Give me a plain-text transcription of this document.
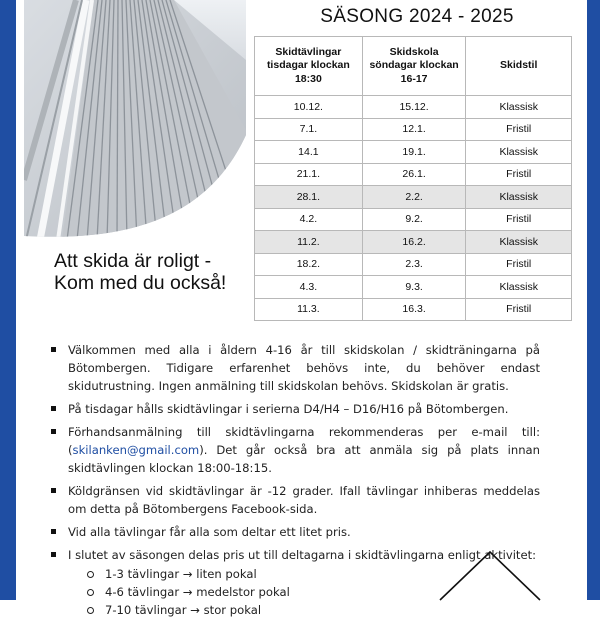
SÄSONG 2024 - 2025
Skidtävlingar tisdagar klockan 18:30	Skidskola söndagar klockan 16-17	Skidstil
10.12.	15.12.	Klassisk
7.1.	12.1.	Fristil
14.1	19.1.	Klassisk
21.1.	26.1.	Fristil
28.1.	2.2.	Klassisk
4.2.	9.2.	Fristil
11.2.	16.2.	Klassisk
18.2.	2.3.	Fristil
4.3.	9.3.	Klassisk
11.3.	16.3.	Fristil
Att skida är roligt - Kom med du också!
Välkommen med alla i åldern 4-16 år till skidskolan / skidträningarna på Bötombergen. Tidigare erfarenhet behövs inte, du behöver endast skidutrustning. Ingen anmälning till skidskolan behövs. Skidskolan är gratis.
På tisdagar hålls skidtävlingar i serierna D4/H4 – D16/H16 på Bötombergen.
Förhandsanmälning till skidtävlingarna rekommenderas per e-mail till: (skilanken@gmail.com). Det går också bra att anmäla sig på plats innan skidtävlingen klockan 18:00-18:15.
Köldgränsen vid skidtävlingar är -12 grader. Ifall tävlingar inhiberas meddelas om detta på Bötombergens Facebook-sida.
Vid alla tävlingar får alla som deltar ett litet pris.
I slutet av säsongen delas pris ut till deltagarna i skidtävlingarna enligt aktivitet:
1-3 tävlingar → liten pokal
4-6 tävlingar → medelstor pokal
7-10 tävlingar → stor pokal
